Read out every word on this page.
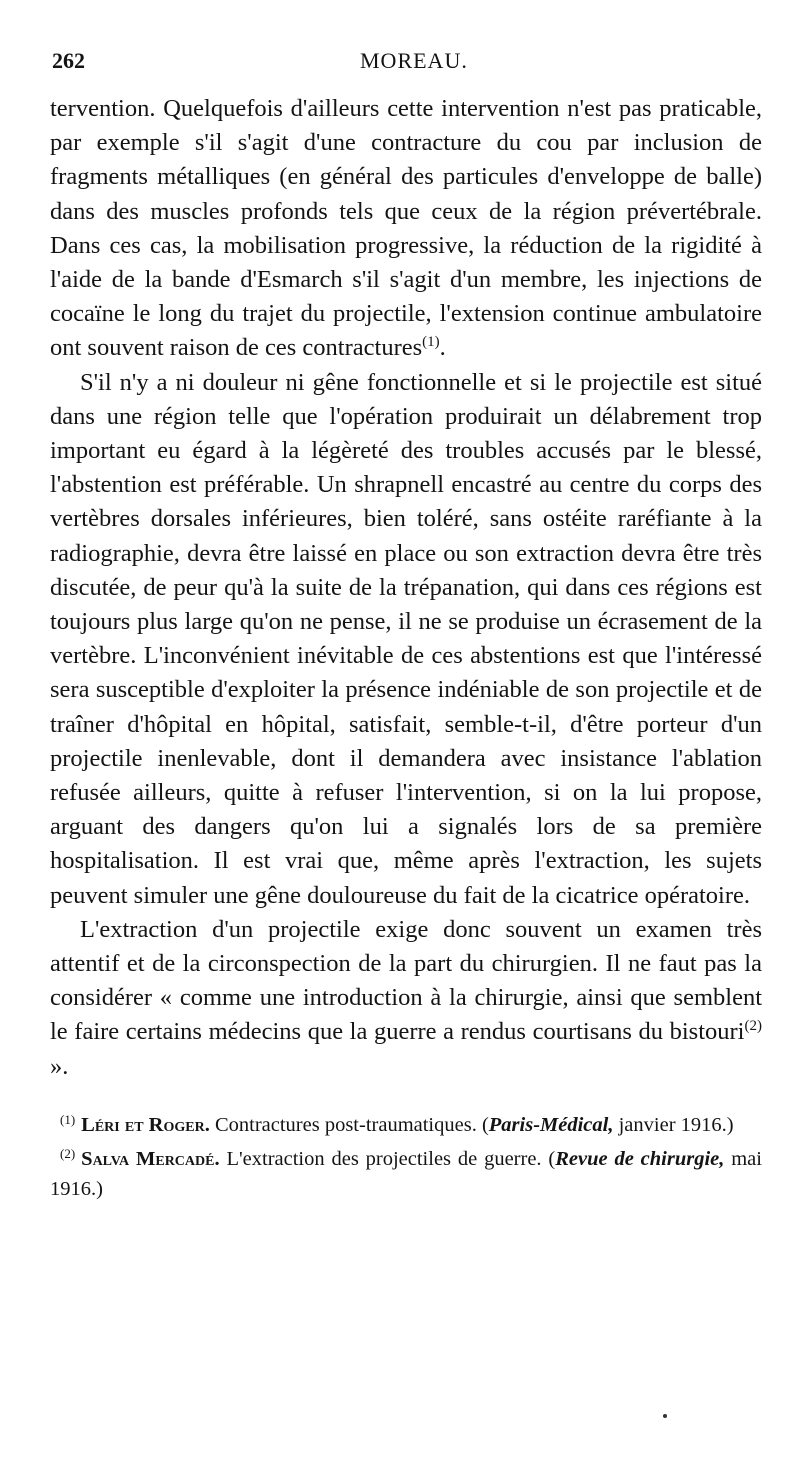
262	MOREAU.

tervention. Quelquefois d'ailleurs cette intervention n'est pas praticable, par exemple s'il s'agit d'une contracture du cou par inclusion de fragments métalliques (en général des particules d'enveloppe de balle) dans des muscles profonds tels que ceux de la région prévertébrale. Dans ces cas, la mobilisation progressive, la réduction de la rigidité à l'aide de la bande d'Esmarch s'il s'agit d'un membre, les injections de cocaïne le long du trajet du projectile, l'extension continue ambulatoire ont souvent raison de ces contractures$^{(1)}$.

S'il n'y a ni douleur ni gêne fonctionnelle et si le projectile est situé dans une région telle que l'opération produirait un délabrement trop important eu égard à la légèreté des troubles accusés par le blessé, l'abstention est préférable. Un shrapnell encastré au centre du corps des vertèbres dorsales inférieures, bien toléré, sans ostéite raréfiante à la radiographie, devra être laissé en place ou son extraction devra être très discutée, de peur qu'à la suite de la trépanation, qui dans ces régions est toujours plus large qu'on ne pense, il ne se produise un écrasement de la vertèbre. L'inconvénient inévitable de ces abstentions est que l'intéressé sera susceptible d'exploiter la présence indéniable de son projectile et de traîner d'hôpital en hôpital, satisfait, semble-t-il, d'être porteur d'un projectile inenlevable, dont il demandera avec insistance l'ablation refusée ailleurs, quitte à refuser l'intervention, si on la lui propose, arguant des dangers qu'on lui a signalés lors de sa première hospitalisation. Il est vrai que, même après l'extraction, les sujets peuvent simuler une gêne douloureuse du fait de la cicatrice opératoire.

L'extraction d'un projectile exige donc souvent un examen très attentif et de la circonspection de la part du chirurgien. Il ne faut pas la considérer « comme une introduction à la chirurgie, ainsi que semblent le faire certains médecins que la guerre a rendus courtisans du bistouri$^{(2)}$ ».

$^{(1)}$ Léri et Roger. Contractures post-traumatiques. (Paris-Médical, janvier 1916.)

$^{(2)}$ Salva Mercadé. L'extraction des projectiles de guerre. (Revue de chirurgie, mai 1916.)
